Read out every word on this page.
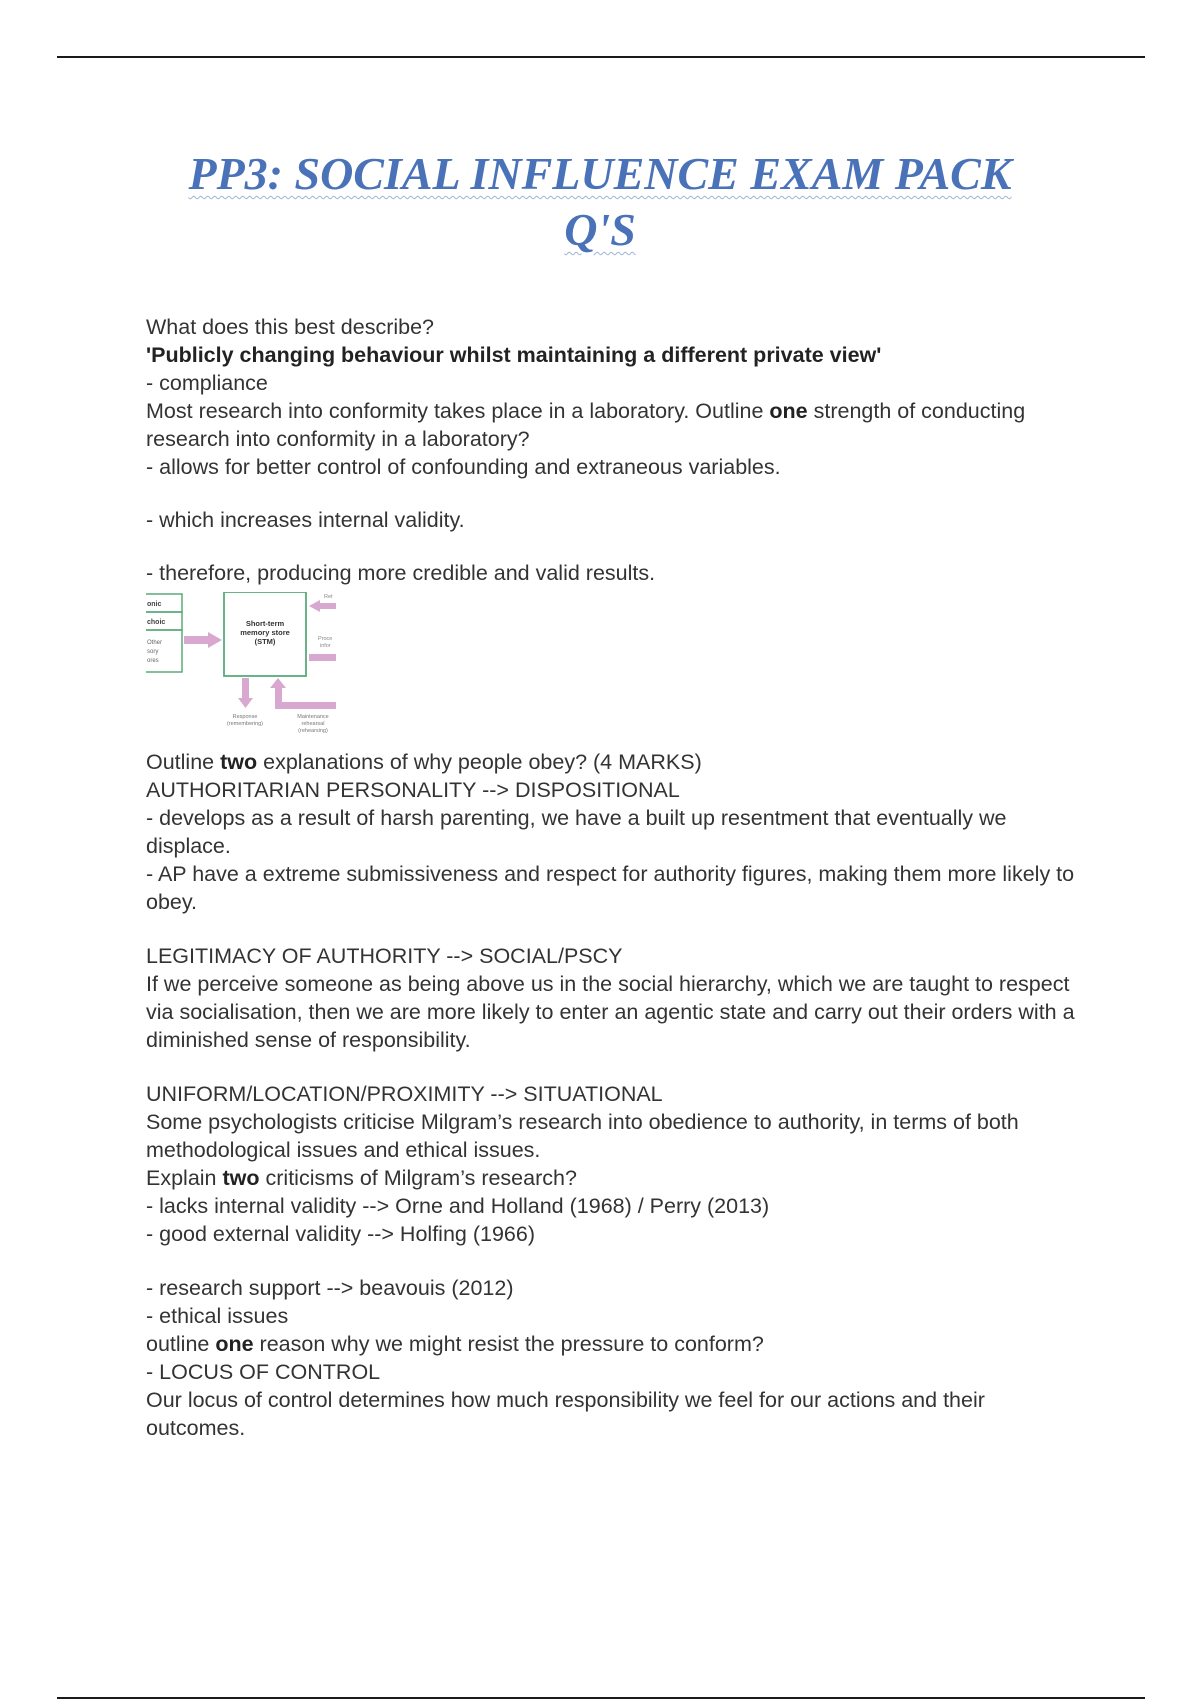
PP3: SOCIAL INFLUENCE EXAM PACK
Q'S

What does this best describe?

'Publicly changing behaviour whilst maintaining a different private view'

- compliance

Most research into conformity takes place in a laboratory. Outline one strength of conducting research into conformity in a laboratory?

- allows for better control of confounding and extraneous variables.

- which increases internal validity.

- therefore, producing more credible and valid results.

onic
choic
Other
sory
ores
Short-term
memory store
(STM)
Ret
Proce
infor
Response
(remembering)
Maintenance
rehearsal
(rehearsing)

Outline two explanations of why people obey? (4 MARKS)

AUTHORITARIAN PERSONALITY --> DISPOSITIONAL

- develops as a result of harsh parenting, we have a built up resentment that eventually we displace.

- AP have a extreme submissiveness and respect for authority figures, making them more likely to obey.

LEGITIMACY OF AUTHORITY --> SOCIAL/PSCY

If we perceive someone as being above us in the social hierarchy, which we are taught to respect via socialisation, then we are more likely to enter an agentic state and carry out their orders with a diminished sense of responsibility.

UNIFORM/LOCATION/PROXIMITY --> SITUATIONAL

Some psychologists criticise Milgram’s research into obedience to authority, in terms of both methodological issues and ethical issues.

Explain two criticisms of Milgram’s research?

- lacks internal validity --> Orne and Holland (1968) / Perry (2013)

- good external validity --> Holfing (1966)

- research support --> beavouis (2012)

- ethical issues

outline one reason why we might resist the pressure to conform?

- LOCUS OF CONTROL

Our locus of control determines how much responsibility we feel for our actions and their outcomes.
